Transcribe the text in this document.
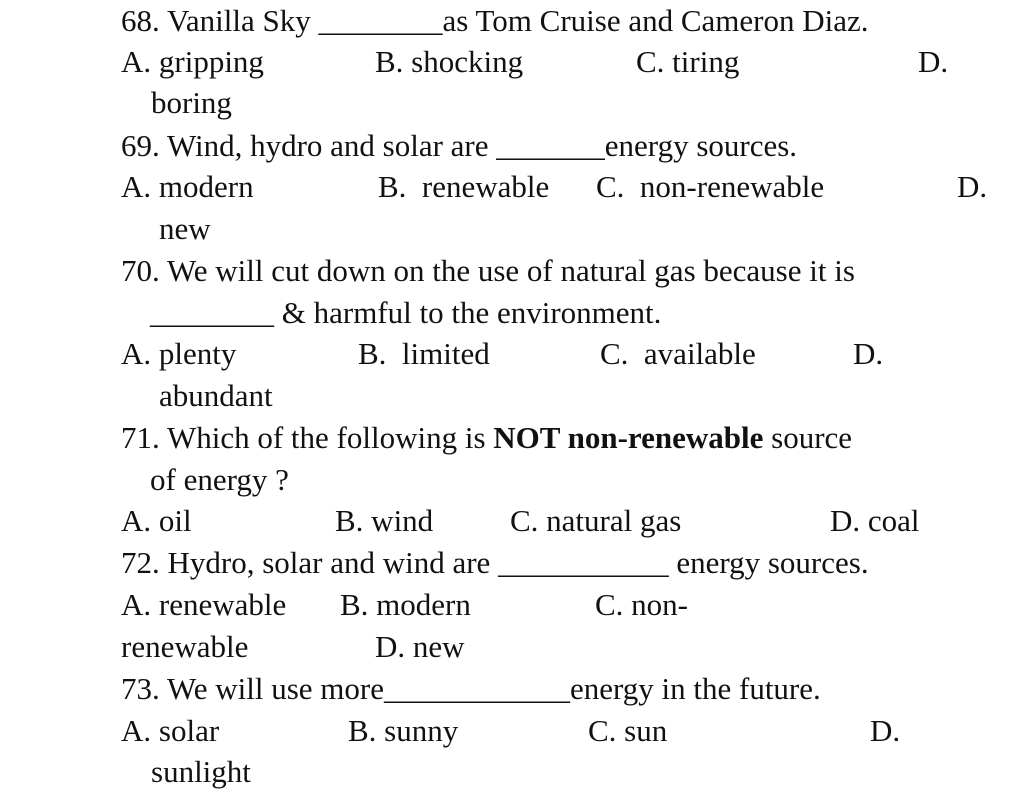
68. Vanilla Sky ________as Tom Cruise and Cameron Diaz.
A. gripping	B. shocking	C. tiring	D.
boring
69. Wind, hydro and solar are _______energy sources.
A. modern	B.  renewable C.  non-renewable	D.
new
70. We will cut down on the use of natural gas because it is
________ & harmful to the environment.
A. plenty	B.  limited	C.  available	D.
abundant
71. Which of the following is NOT non-renewable source
of energy ?
A. oil	B. wind C. natural gas	D. coal
72. Hydro, solar and wind are ___________ energy sources.
A. renewable B. modern	C. non-
renewable	D. new
73. We will use more____________energy in the future.
A. solar	B. sunny	C. sun	D.
sunlight
